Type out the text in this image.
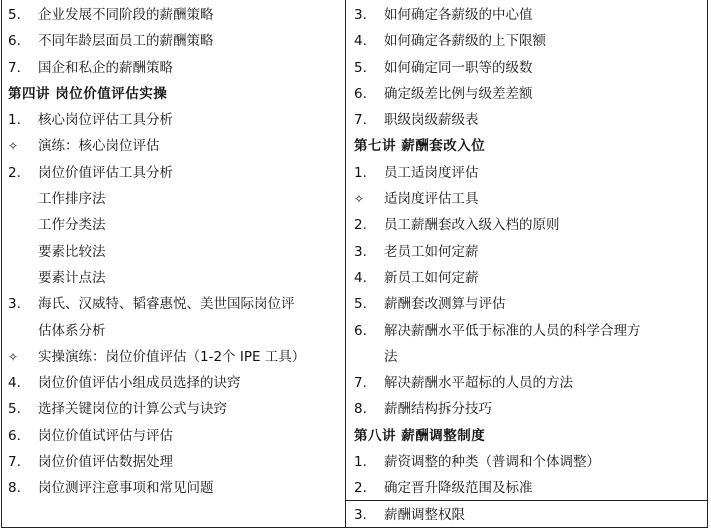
5. 企业发展不同阶段的薪酬策略
6. 不同年龄层面员工的薪酬策略
7. 国企和私企的薪酬策略
第四讲 岗位价值评估实操
1. 核心岗位评估工具分析
✧ 演练：核心岗位评估
2. 岗位价值评估工具分析
工作排序法
工作分类法
要素比较法
要素计点法
3. 海氏、汉威特、韬睿惠悦、美世国际岗位评
估体系分析
✧ 实操演练：岗位价值评估（1-2个 IPE 工具）
4. 岗位价值评估小组成员选择的诀窍
5. 选择关键岗位的计算公式与诀窍
6. 岗位价值试评估与评估
7. 岗位价值评估数据处理
8. 岗位测评注意事项和常见问题
3. 如何确定各薪级的中心值
4. 如何确定各薪级的上下限额
5. 如何确定同一职等的级数
6. 确定级差比例与级差差额
7. 职级岗级薪级表
第七讲 薪酬套改入位
1. 员工适岗度评估
✧ 适岗度评估工具
2. 员工薪酬套改入级入档的原则
3. 老员工如何定薪
4. 新员工如何定薪
5. 薪酬套改测算与评估
6. 解决薪酬水平低于标准的人员的科学合理方
法
7. 解决薪酬水平超标的人员的方法
8. 薪酬结构拆分技巧
第八讲 薪酬调整制度
1. 薪资调整的种类（普调和个体调整）
2. 确定晋升降级范围及标准
3. 薪酬调整权限
